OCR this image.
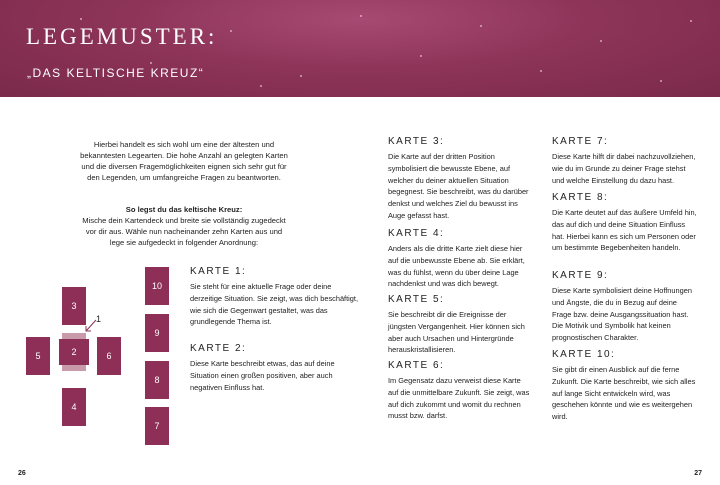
LEGEMUSTER:
„DAS KELTISCHE KREUZ“

Hierbei handelt es sich wohl um eine der ältesten und bekanntesten Legearten. Die hohe Anzahl an gelegten Karten und die diversen Fragemöglichkeiten eignen sich sehr gut für den Legenden, um umfangreiche Fragen zu beantworten.

So legst du das keltische Kreuz:
Mische dein Kartendeck und breite sie vollständig zugedeckt vor dir aus. Wähle nun nacheinander zehn Karten aus und lege sie aufgedeckt in folgender Anordnung:
3
2
5	6
4
10
9
8
7
1
KARTE 1:

Sie steht für eine aktuelle Frage oder deine derzeitige Situation. Sie zeigt, was dich beschäftigt, wie sich die Gegenwart gestaltet, was das grundlegende Thema ist.

KARTE 2:

Diese Karte beschreibt etwas, das auf deine Situation einen großen positiven, aber auch negativen Einfluss hat.

KARTE 3:

Die Karte auf der dritten Position symbolisiert die bewusste Ebene, auf welcher du deiner aktuellen Situation begegnest. Sie beschreibt, was du darüber denkst und welches Ziel du bewusst ins Auge gefasst hast.

KARTE 4:

Anders als die dritte Karte zielt diese hier auf die unbewusste Ebene ab. Sie erklärt, was du fühlst, wenn du über deine Lage nachdenkst und was dich bewegt.

KARTE 5:

Sie beschreibt dir die Ereignisse der jüngsten Vergangenheit. Hier können sich aber auch Ursachen und Hintergründe herauskristallisieren.

KARTE 6:

Im Gegensatz dazu verweist diese Karte auf die unmittelbare Zukunft. Sie zeigt, was auf dich zukommt und womit du rechnen musst bzw. darfst.

KARTE 7:

Diese Karte hilft dir dabei nachzuvollziehen, wie du im Grunde zu deiner Frage stehst und welche Einstellung du dazu hast.

KARTE 8:

Die Karte deutet auf das äußere Umfeld hin, das auf dich und deine Situation Einfluss hat. Hierbei kann es sich um Personen oder um bestimmte Begebenheiten handeln.

KARTE 9:

Diese Karte symbolisiert deine Hoffnungen und Ängste, die du in Bezug auf deine Frage bzw. deine Ausgangssituation hast. Die Motivik und Symbolik hat keinen prognostischen Charakter.

KARTE 10:

Sie gibt dir einen Ausblick auf die ferne Zukunft. Die Karte beschreibt, wie sich alles auf lange Sicht entwickeln wird, was geschehen könnte und wie es weitergehen wird.

26	27
